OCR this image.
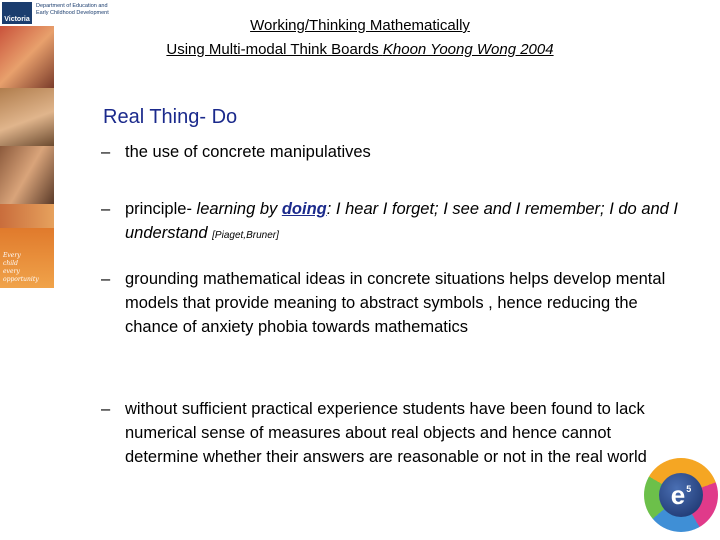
Victoria
Every
child
every
opportunity
Department of Education and
Early Childhood Development
Working/Thinking Mathematically
Using Multi-modal Think Boards Khoon Yoong Wong 2004
Real Thing- Do
– the use of concrete manipulatives
– principle- learning by doing: I hear I forget; I see and I remember; I do and I understand [Piaget,Bruner]
– grounding mathematical ideas in concrete situations helps develop mental models that provide meaning to abstract symbols , hence reducing the chance of anxiety phobia towards mathematics
– without sufficient practical experience students have been found to lack numerical sense of measures about real objects and hence cannot determine whether their answers are reasonable or not in the real world
$e^5$
